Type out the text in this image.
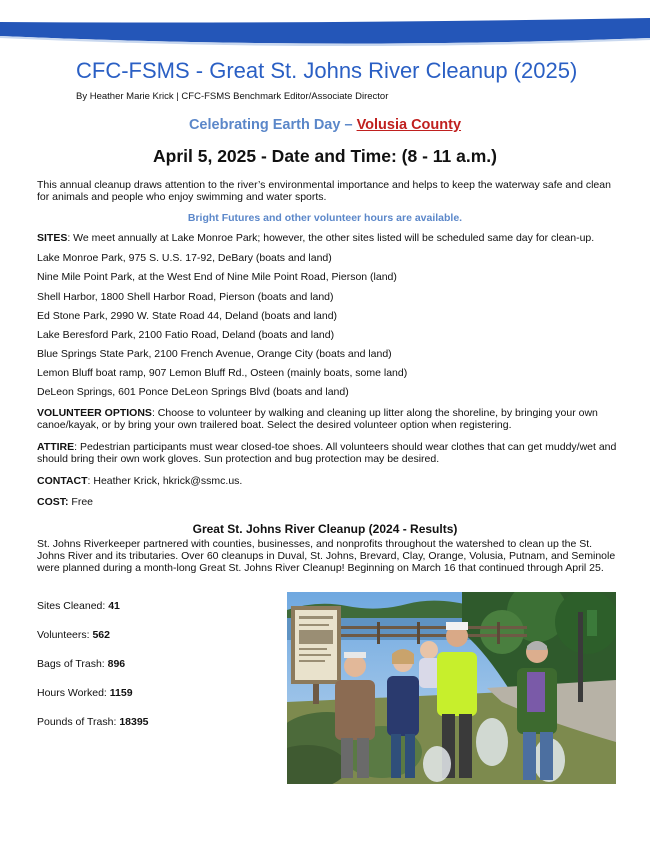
CFC-FSMS - Great St. Johns River Cleanup (2025)
By Heather Marie Krick | CFC-FSMS Benchmark Editor/Associate Director
Celebrating Earth Day – Volusia County
April 5, 2025 - Date and Time: (8 - 11 a.m.)
This annual cleanup draws attention to the river’s environmental importance and helps to keep the waterway safe and clean for animals and people who enjoy swimming and water sports.
Bright Futures and other volunteer hours are available.
SITES: We meet annually at Lake Monroe Park; however, the other sites listed will be scheduled same day for clean-up.
Lake Monroe Park, 975 S. U.S. 17-92, DeBary (boats and land)
Nine Mile Point Park, at the West End of Nine Mile Point Road, Pierson (land)
Shell Harbor, 1800 Shell Harbor Road, Pierson (boats and land)
Ed Stone Park, 2990 W. State Road 44, Deland (boats and land)
Lake Beresford Park, 2100 Fatio Road, Deland (boats and land)
Blue Springs State Park, 2100 French Avenue, Orange City (boats and land)
Lemon Bluff boat ramp, 907 Lemon Bluff Rd., Osteen (mainly boats, some land)
DeLeon Springs, 601 Ponce DeLeon Springs Blvd (boats and land)
VOLUNTEER OPTIONS: Choose to volunteer by walking and cleaning up litter along the shoreline, by bringing your own canoe/kayak, or by bring your own trailered boat. Select the desired volunteer option when registering.
ATTIRE: Pedestrian participants must wear closed-toe shoes. All volunteers should wear clothes that can get muddy/wet and should bring their own work gloves. Sun protection and bug protection may be desired.
CONTACT: Heather Krick, hkrick@ssmc.us.
COST: Free
Great St. Johns River Cleanup (2024 - Results)
St. Johns Riverkeeper partnered with counties, businesses, and nonprofits throughout the watershed to clean up the St. Johns River and its tributaries. Over 60 cleanups in Duval, St. Johns, Brevard, Clay, Orange, Volusia, Putnam, and Seminole were planned during a month-long Great St. Johns River Cleanup! Beginning on March 16 that continued through April 25.
Sites Cleaned: 41
Volunteers: 562
Bags of Trash: 896
Hours Worked: 1159
Pounds of Trash: 18395
